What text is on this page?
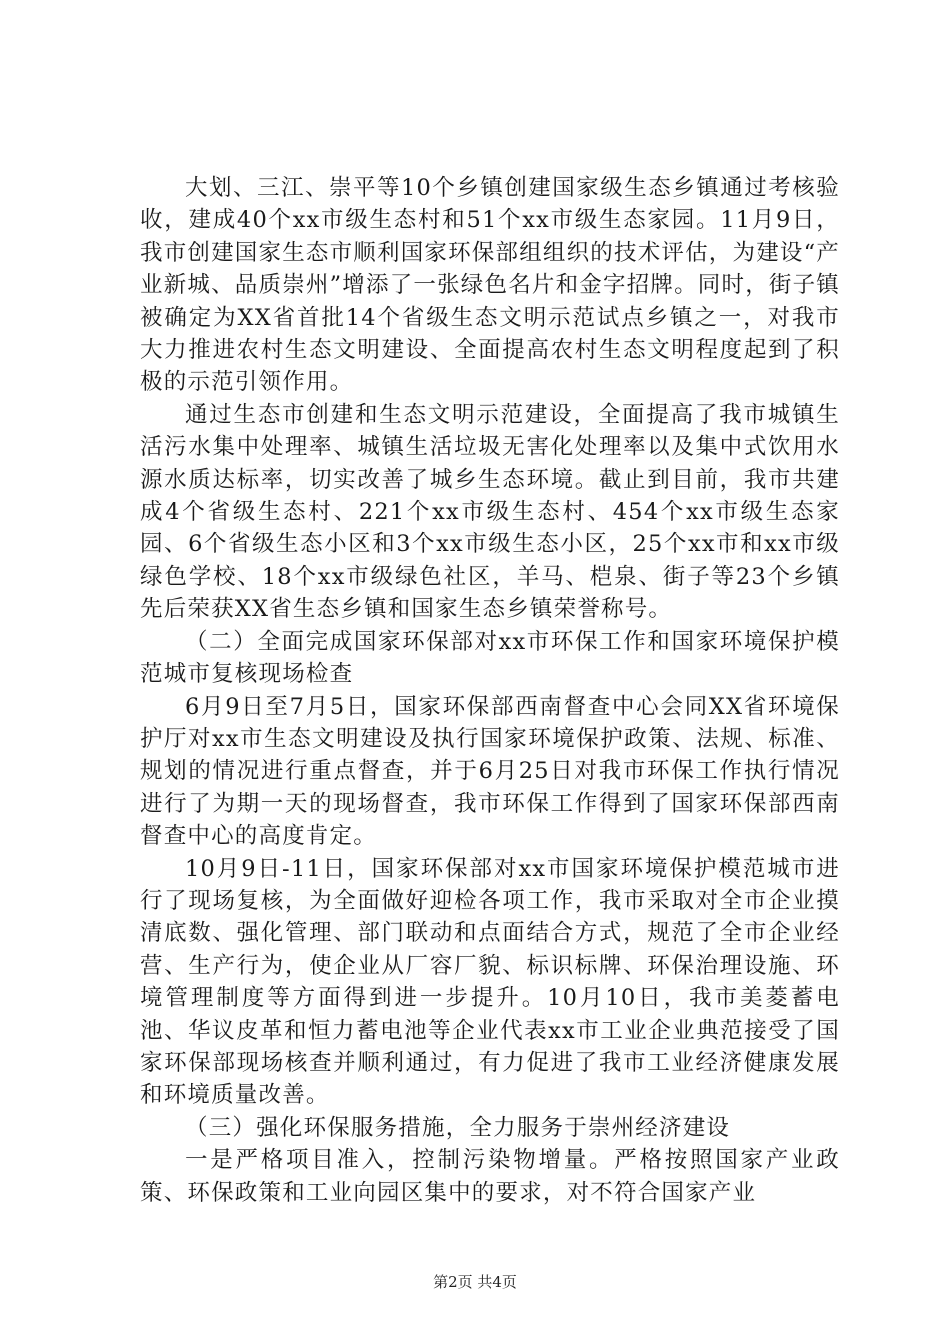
大划、三江、崇平等10个乡镇创建国家级生态乡镇通过考核验收，建成40个xx市级生态村和51个xx市级生态家园。11月9日，我市创建国家生态市顺利国家环保部组组织的技术评估，为建设“产业新城、品质崇州”增添了一张绿色名片和金字招牌。同时，街子镇被确定为XX省首批14个省级生态文明示范试点乡镇之一，对我市大力推进农村生态文明建设、全面提高农村生态文明程度起到了积极的示范引领作用。

通过生态市创建和生态文明示范建设，全面提高了我市城镇生活污水集中处理率、城镇生活垃圾无害化处理率以及集中式饮用水源水质达标率，切实改善了城乡生态环境。截止到目前，我市共建成4个省级生态村、221个xx市级生态村、454个xx市级生态家园、6个省级生态小区和3个xx市级生态小区，25个xx市和xx市级绿色学校、18个xx市级绿色社区，羊马、桤泉、街子等23个乡镇先后荣获XX省生态乡镇和国家生态乡镇荣誉称号。

（二）全面完成国家环保部对xx市环保工作和国家环境保护模范城市复核现场检查

6月9日至7月5日，国家环保部西南督查中心会同XX省环境保护厅对xx市生态文明建设及执行国家环境保护政策、法规、标准、规划的情况进行重点督查，并于6月25日对我市环保工作执行情况进行了为期一天的现场督查，我市环保工作得到了国家环保部西南督查中心的高度肯定。

10月9日-11日，国家环保部对xx市国家环境保护模范城市进行了现场复核，为全面做好迎检各项工作，我市采取对全市企业摸清底数、强化管理、部门联动和点面结合方式，规范了全市企业经营、生产行为，使企业从厂容厂貌、标识标牌、环保治理设施、环境管理制度等方面得到进一步提升。10月10日，我市美菱蓄电池、华议皮革和恒力蓄电池等企业代表xx市工业企业典范接受了国家环保部现场核查并顺利通过，有力促进了我市工业经济健康发展和环境质量改善。

（三）强化环保服务措施，全力服务于崇州经济建设

一是严格项目准入，控制污染物增量。严格按照国家产业政策、环保政策和工业向园区集中的要求，对不符合国家产业

第2页 共4页
